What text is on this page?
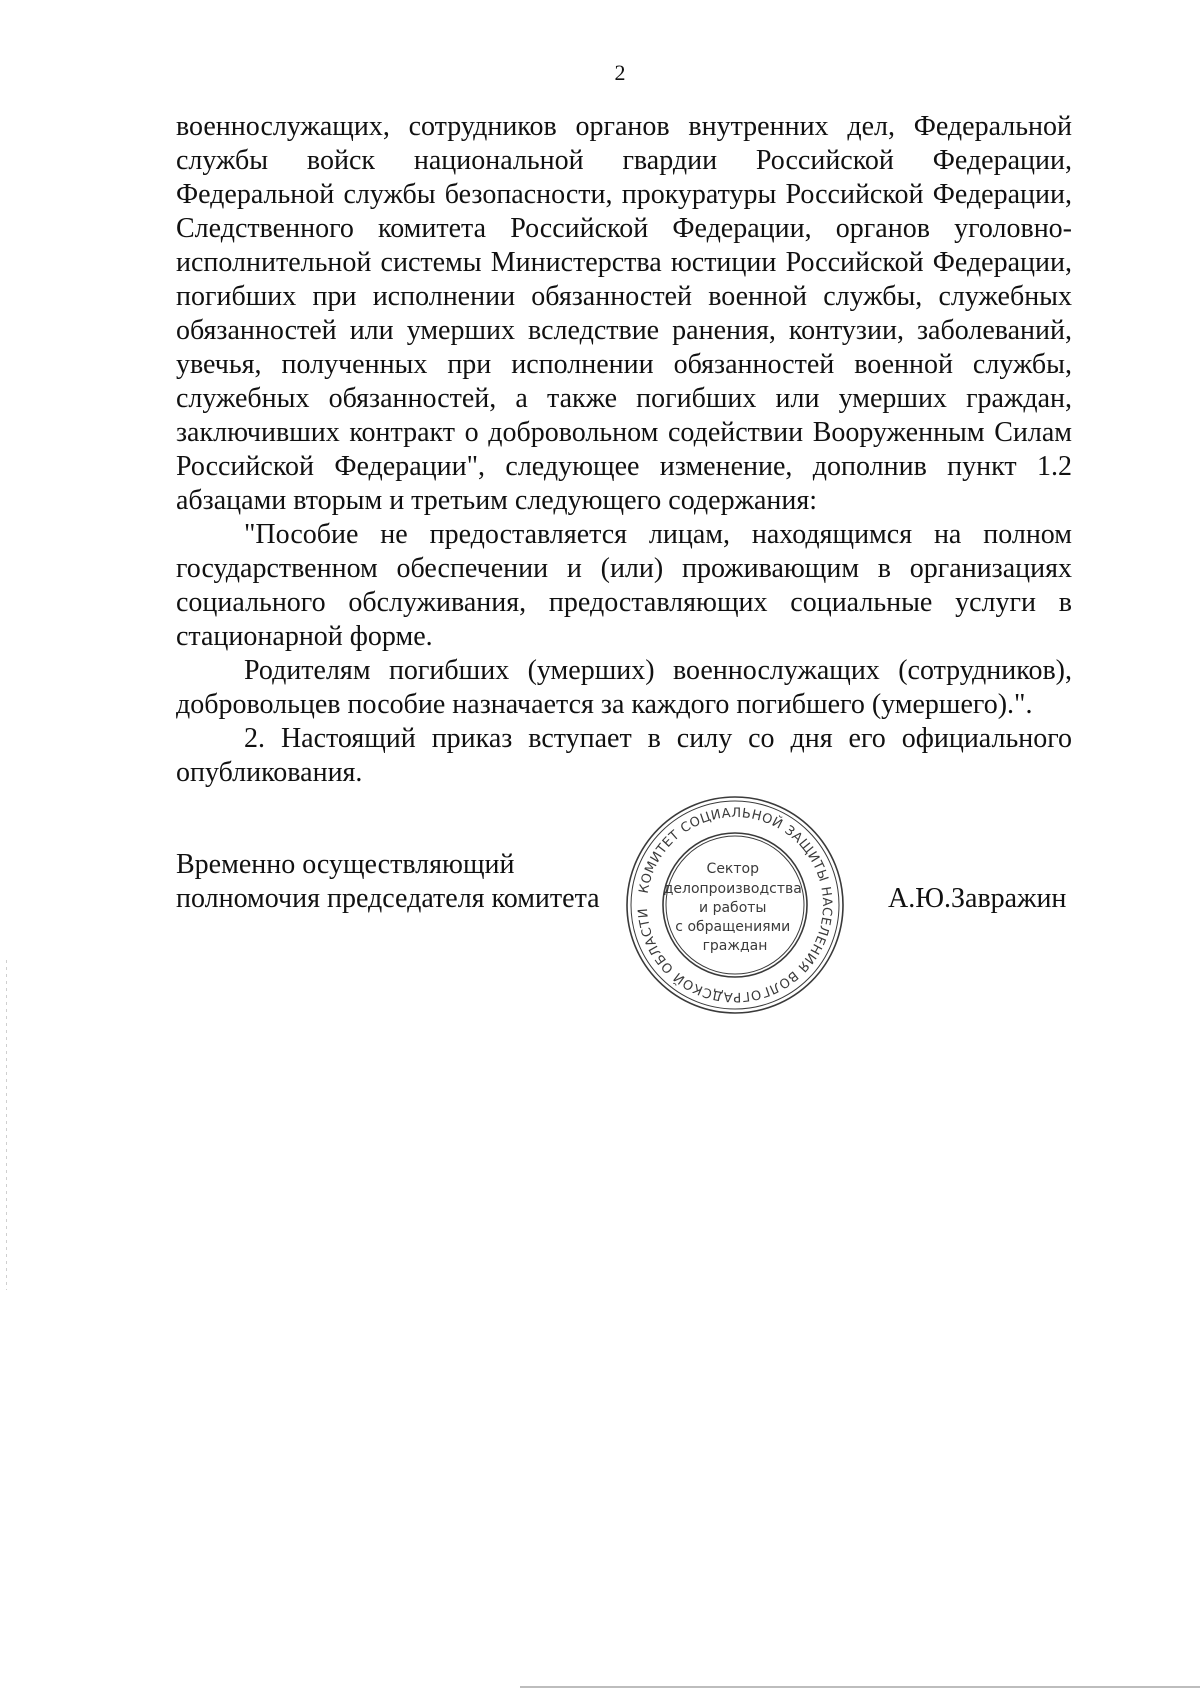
2

военнослужащих, сотрудников органов внутренних дел, Федеральной службы войск национальной гвардии Российской Федерации, Федеральной службы безопасности, прокуратуры Российской Федерации, Следственного комитета Российской Федерации, органов уголовно-исполнительной системы Министерства юстиции Российской Федерации, погибших при исполнении обязанностей военной службы, служебных обязанностей или умерших вследствие ранения, контузии, заболеваний, увечья, полученных при исполнении обязанностей военной службы, служебных обязанностей, а также погибших или умерших граждан, заключивших контракт о добровольном содействии Вооруженным Силам Российской Федерации", следующее изменение, дополнив пункт 1.2 абзацами вторым и третьим следующего содержания:

"Пособие не предоставляется лицам, находящимся на полном государственном обеспечении и (или) проживающим в организациях социального обслуживания, предоставляющих социальные услуги в стационарной форме.

Родителям погибших (умерших) военнослужащих (сотрудников), добровольцев пособие назначается за каждого погибшего (умершего).".

2. Настоящий приказ вступает в силу со дня его официального опубликования.

Временно осуществляющий
полномочия председателя комитета	КОМИТЕТ СОЦИАЛЬНОЙ ЗАЩИТЫ НАСЕЛЕНИЯ ВОЛГОГРАДСКОЙ ОБЛАСТИ
Сектор делопроизводства и работы с обращениями граждан
А.Ю.Завражин
